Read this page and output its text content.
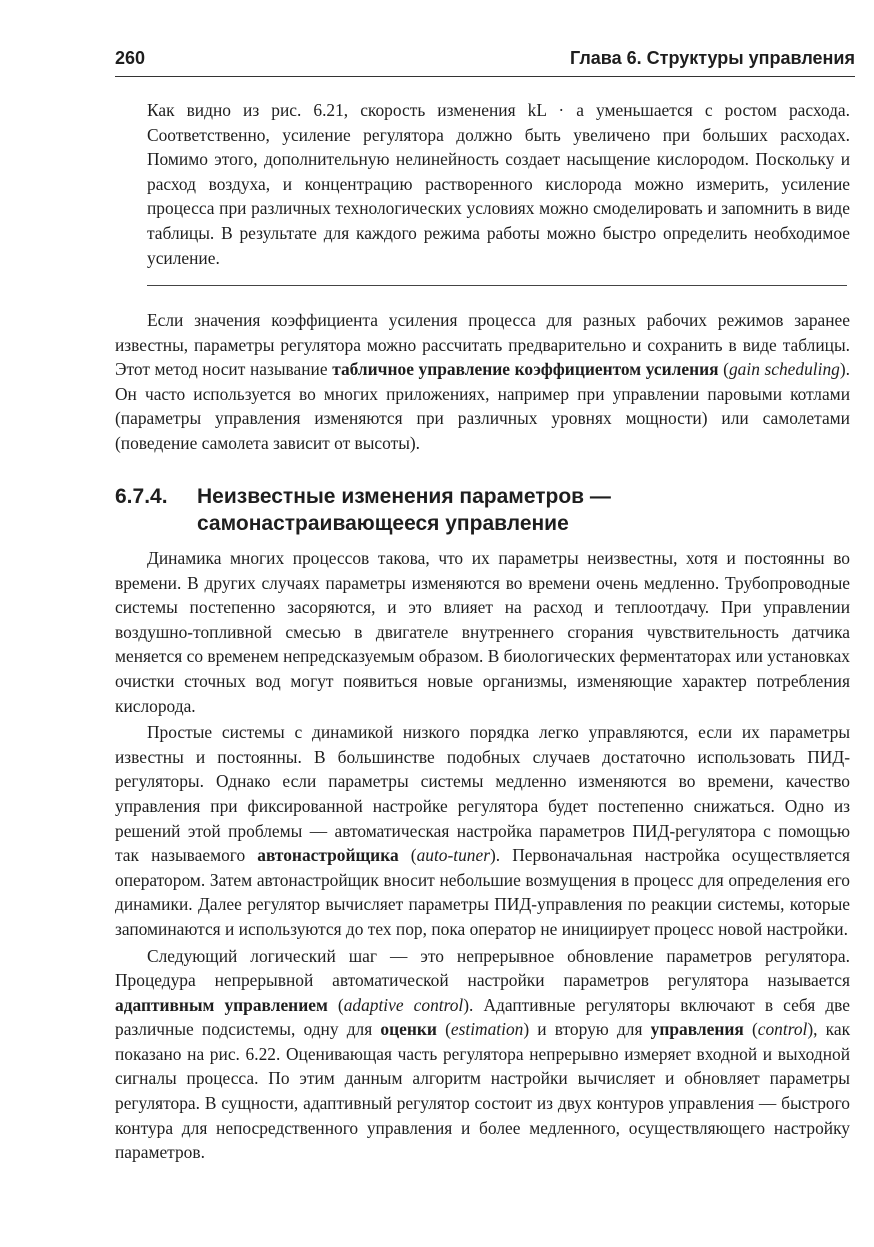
260	Глава 6. Структуры управления

Как видно из рис. 6.21, скорость изменения kL · a уменьшается с ростом расхода. Соответственно, усиление регулятора должно быть увеличено при больших расходах. Помимо этого, дополнительную нелинейность создает насыщение кислородом. Поскольку и расход воздуха, и концентрацию растворенного кислорода можно измерить, усиление процесса при различных технологических условиях можно смоделировать и запомнить в виде таблицы. В результате для каждого режима работы можно быстро определить необходимое усиление.

Если значения коэффициента усиления процесса для разных рабочих режимов заранее известны, параметры регулятора можно рассчитать предварительно и сохранить в виде таблицы. Этот метод носит называние табличное управление коэффициентом усиления (gain scheduling). Он часто используется во многих приложениях, например при управлении паровыми котлами (параметры управления изменяются при различных уровнях мощности) или самолетами (поведение самолета зависит от высоты).

6.7.4. Неизвестные изменения параметров —
самонастраивающееся управление

Динамика многих процессов такова, что их параметры неизвестны, хотя и постоянны во времени. В других случаях параметры изменяются во времени очень медленно. Трубопроводные системы постепенно засоряются, и это влияет на расход и теплоотдачу. При управлении воздушно-топливной смесью в двигателе внутреннего сгорания чувствительность датчика меняется со временем непредсказуемым образом. В биологических ферментаторах или установках очистки сточных вод могут появиться новые организмы, изменяющие характер потребления кислорода.

Простые системы с динамикой низкого порядка легко управляются, если их параметры известны и постоянны. В большинстве подобных случаев достаточно использовать ПИД-регуляторы. Однако если параметры системы медленно изменяются во времени, качество управления при фиксированной настройке регулятора будет постепенно снижаться. Одно из решений этой проблемы — автоматическая настройка параметров ПИД-регулятора с помощью так называемого автонастройщика (auto-tuner). Первоначальная настройка осуществляется оператором. Затем автонастройщик вносит небольшие возмущения в процесс для определения его динамики. Далее регулятор вычисляет параметры ПИД-управления по реакции системы, которые запоминаются и используются до тех пор, пока оператор не инициирует процесс новой настройки.

Следующий логический шаг — это непрерывное обновление параметров регулятора. Процедура непрерывной автоматической настройки параметров регулятора называется адаптивным управлением (adaptive control). Адаптивные регуляторы включают в себя две различные подсистемы, одну для оценки (estimation) и вторую для управления (control), как показано на рис. 6.22. Оценивающая часть регулятора непрерывно измеряет входной и выходной сигналы процесса. По этим данным алгоритм настройки вычисляет и обновляет параметры регулятора. В сущности, адаптивный регулятор состоит из двух контуров управления — быстрого контура для непосредственного управления и более медленного, осуществляющего настройку параметров.
